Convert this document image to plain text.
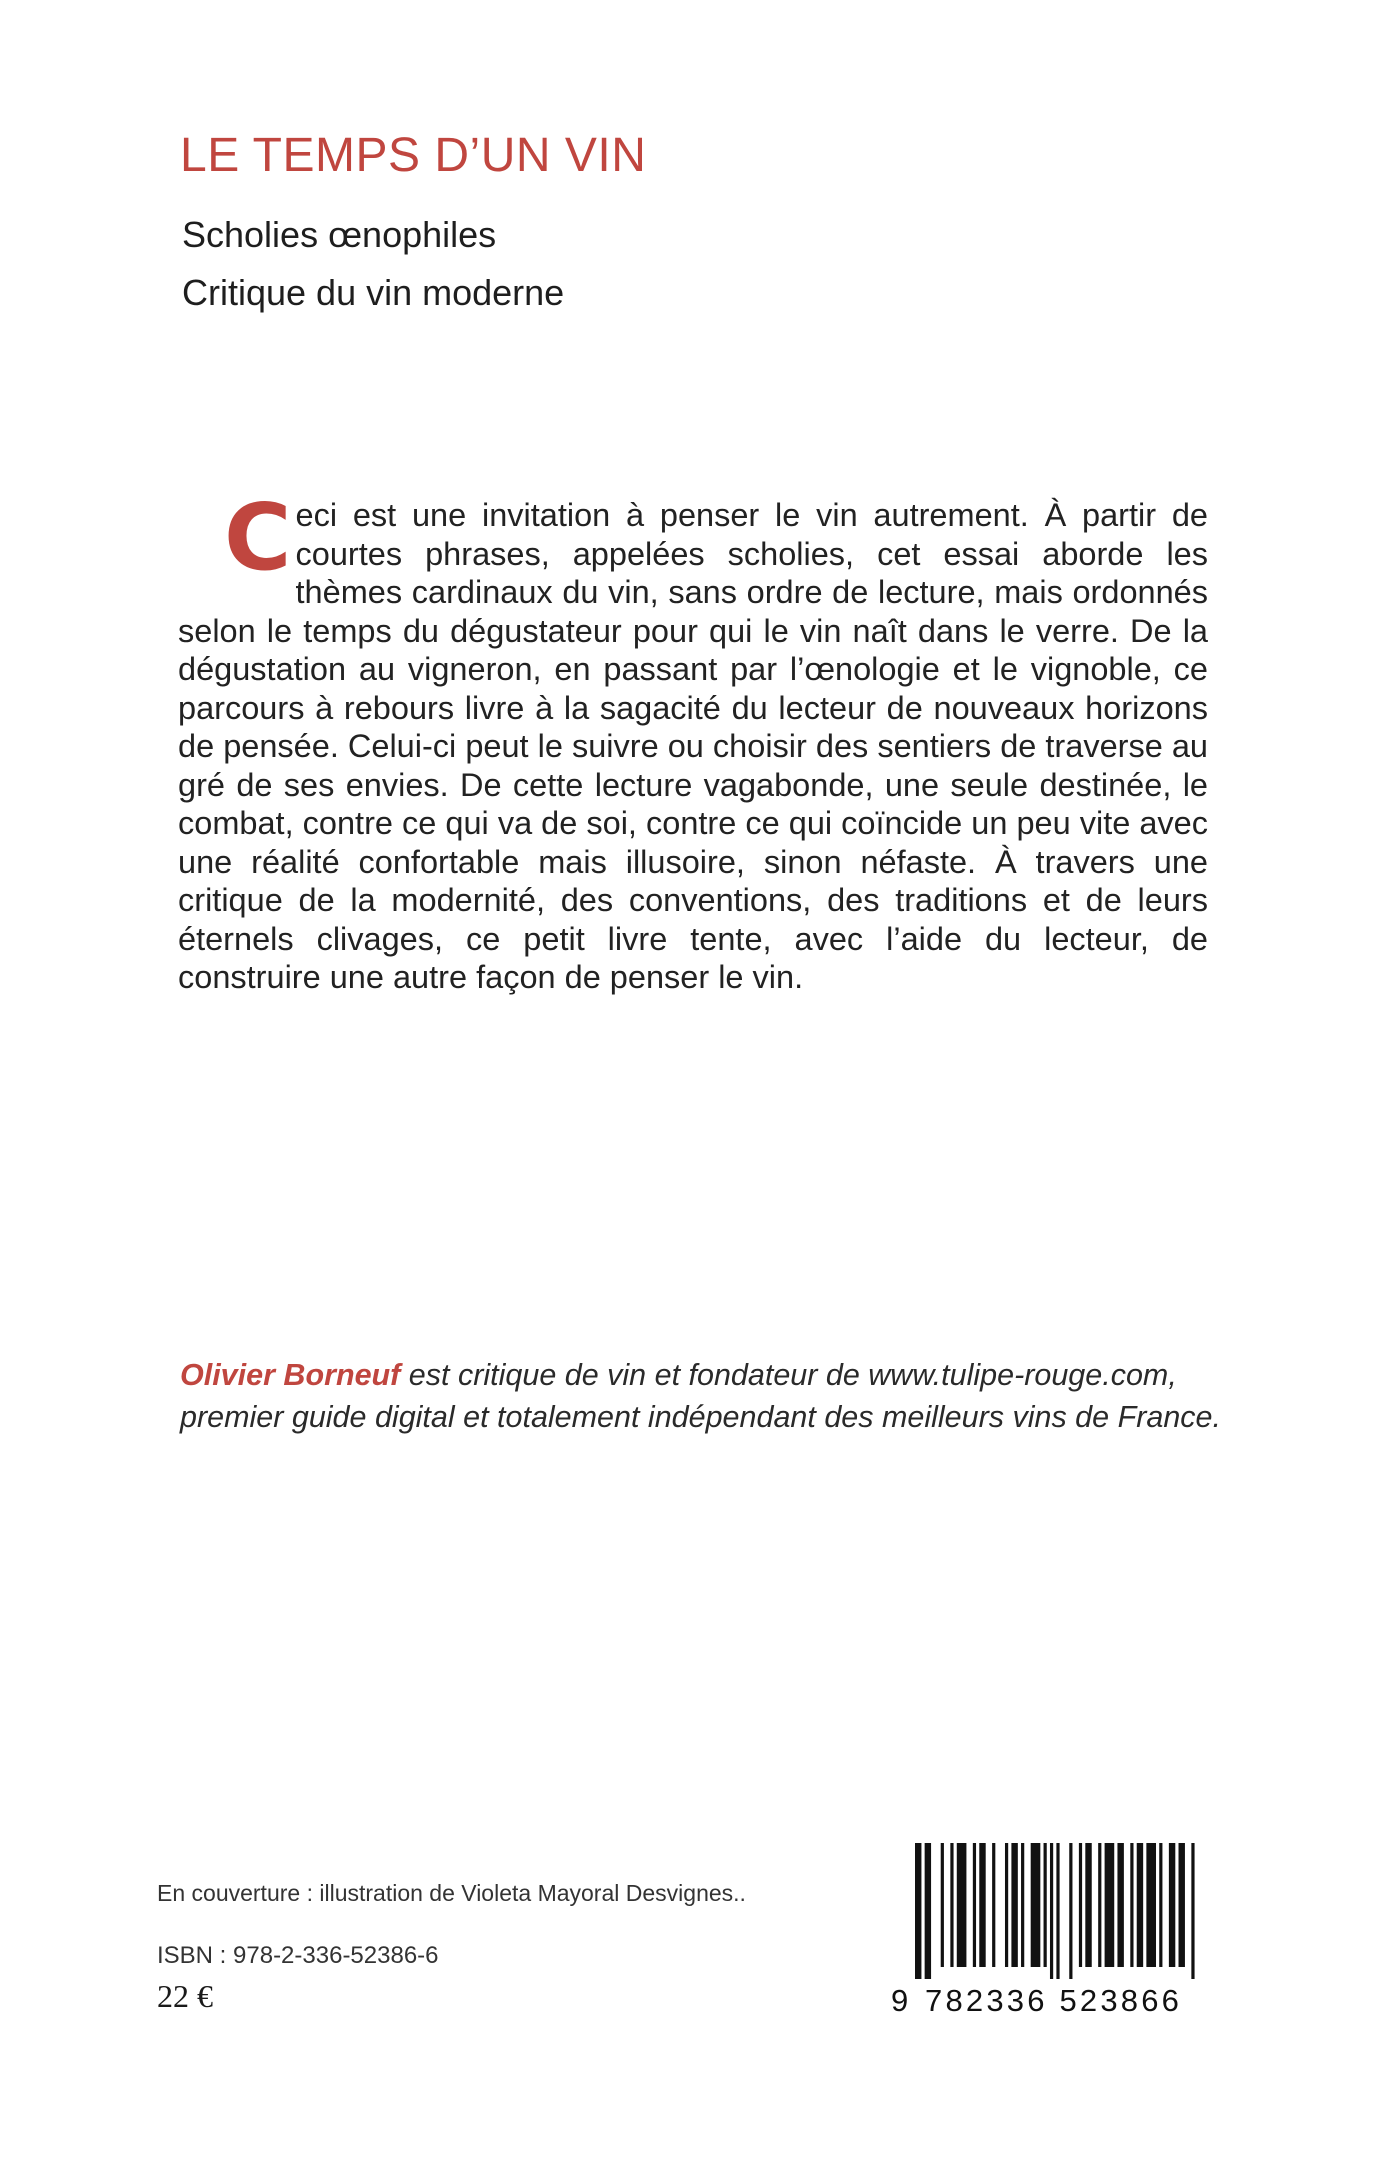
LE TEMPS D’UN VIN
Scholies œnophiles
Critique du vin moderne

Ceci est une invitation à penser le vin autrement. À partir de courtes phrases, appelées scholies, cet essai aborde les thèmes cardinaux du vin, sans ordre de lecture, mais ordonnés selon le temps du dégustateur pour qui le vin naît dans le verre. De la dégustation au vigneron, en passant par l’œnologie et le vignoble, ce parcours à rebours livre à la sagacité du lecteur de nouveaux horizons de pensée. Celui-ci peut le suivre ou choisir des sentiers de traverse au gré de ses envies. De cette lecture vagabonde, une seule destinée, le combat, contre ce qui va de soi, contre ce qui coïncide un peu vite avec une réalité confortable mais illusoire, sinon néfaste. À travers une critique de la modernité, des conventions, des traditions et de leurs éternels clivages, ce petit livre tente, avec l’aide du lecteur, de construire une autre façon de penser le vin.

Olivier Borneuf est critique de vin et fondateur de www.tulipe-rouge.com, premier guide digital et totalement indépendant des meilleurs vins de France.

En couverture : illustration de Violeta Mayoral Desvignes..
ISBN : 978-2-336-52386-6
22 €	9 782336 523866
